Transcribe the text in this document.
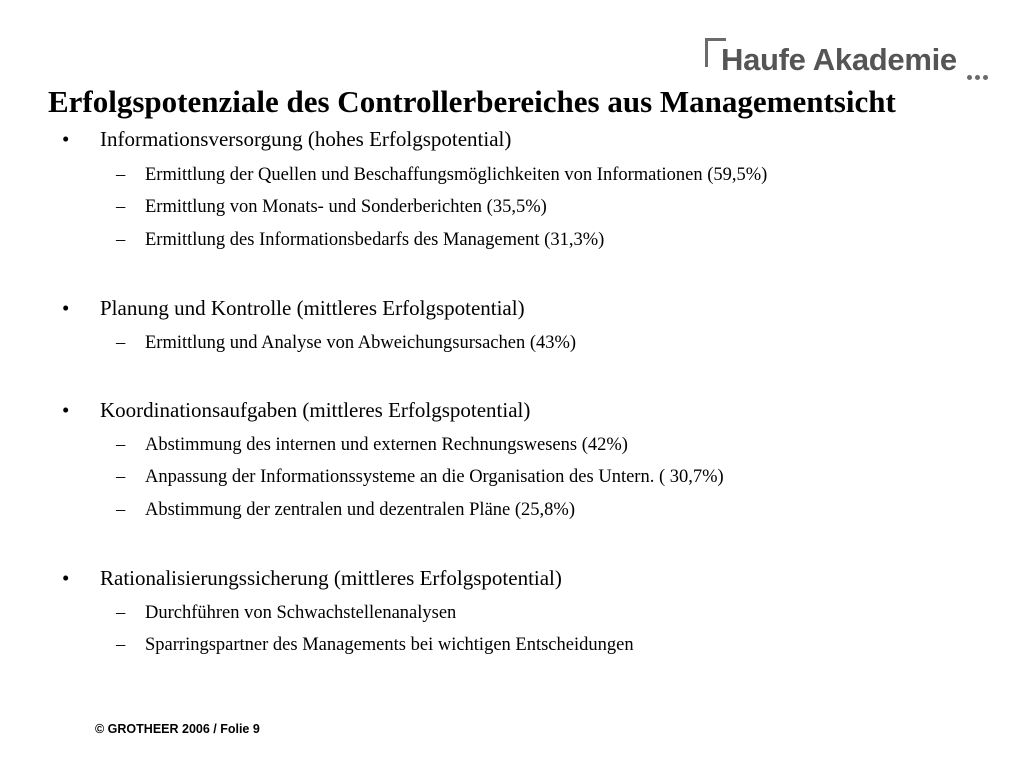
Haufe Akademie
Erfolgspotenziale des Controllerbereiches aus Managementsicht
• Informationsversorgung (hohes Erfolgspotential)
– Ermittlung der Quellen und Beschaffungsmöglichkeiten von Informationen (59,5%)
– Ermittlung von Monats- und Sonderberichten (35,5%)
– Ermittlung des Informationsbedarfs des Management (31,3%)
• Planung und Kontrolle (mittleres Erfolgspotential)
– Ermittlung und Analyse von Abweichungsursachen (43%)
• Koordinationsaufgaben (mittleres Erfolgspotential)
– Abstimmung des internen und externen Rechnungswesens (42%)
– Anpassung der Informationssysteme an die Organisation des Untern. ( 30,7%)
– Abstimmung der zentralen und dezentralen Pläne (25,8%)
• Rationalisierungssicherung (mittleres Erfolgspotential)
– Durchführen von Schwachstellenanalysen
– Sparringspartner des Managements bei wichtigen Entscheidungen
© GROTHEER 2006 / Folie 9
